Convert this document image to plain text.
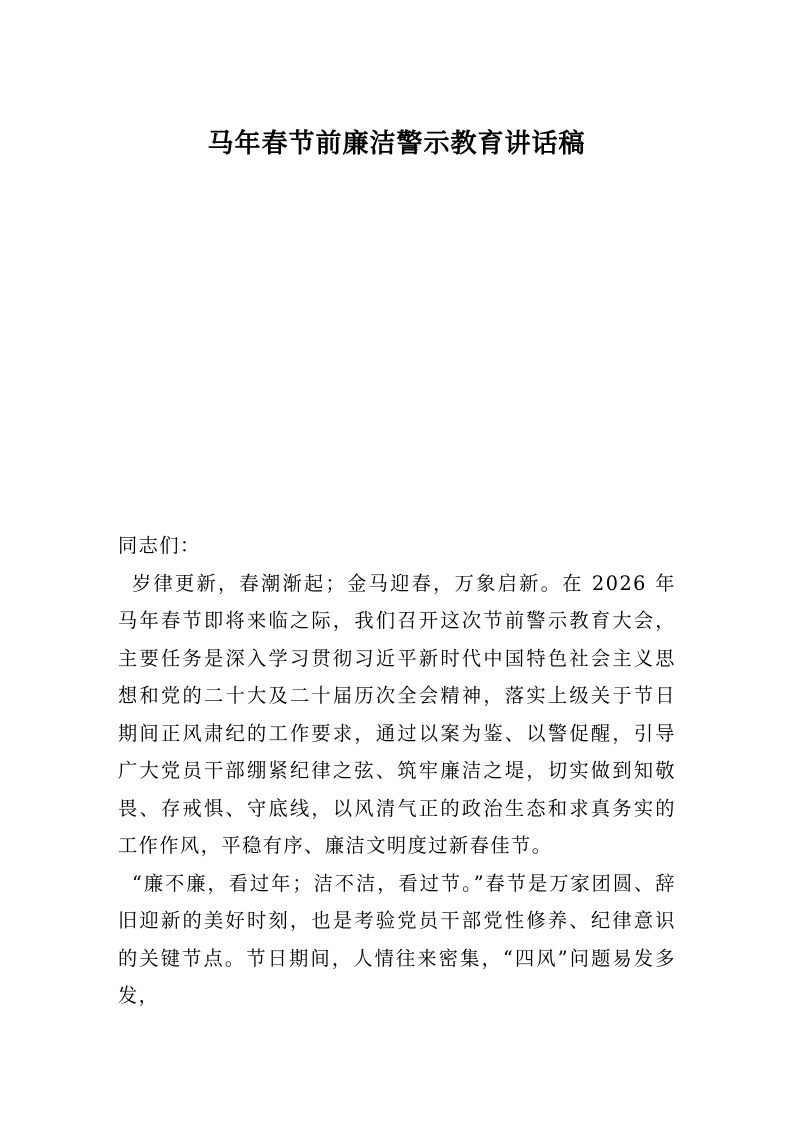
马年春节前廉洁警示教育讲话稿

同志们：

岁律更新，春潮渐起；金马迎春，万象启新。在 2026 年马年春节即将来临之际，我们召开这次节前警示教育大会，主要任务是深入学习贯彻习近平新时代中国特色社会主义思想和党的二十大及二十届历次全会精神，落实上级关于节日期间正风肃纪的工作要求，通过以案为鉴、以警促醒，引导广大党员干部绷紧纪律之弦、筑牢廉洁之堤，切实做到知敬畏、存戒惧、守底线，以风清气正的政治生态和求真务实的工作作风，平稳有序、廉洁文明度过新春佳节。

“廉不廉，看过年；洁不洁，看过节。”春节是万家团圆、辞旧迎新的美好时刻，也是考验党员干部党性修养、纪律意识的关键节点。节日期间，人情往来密集，“四风”问题易发多发，
